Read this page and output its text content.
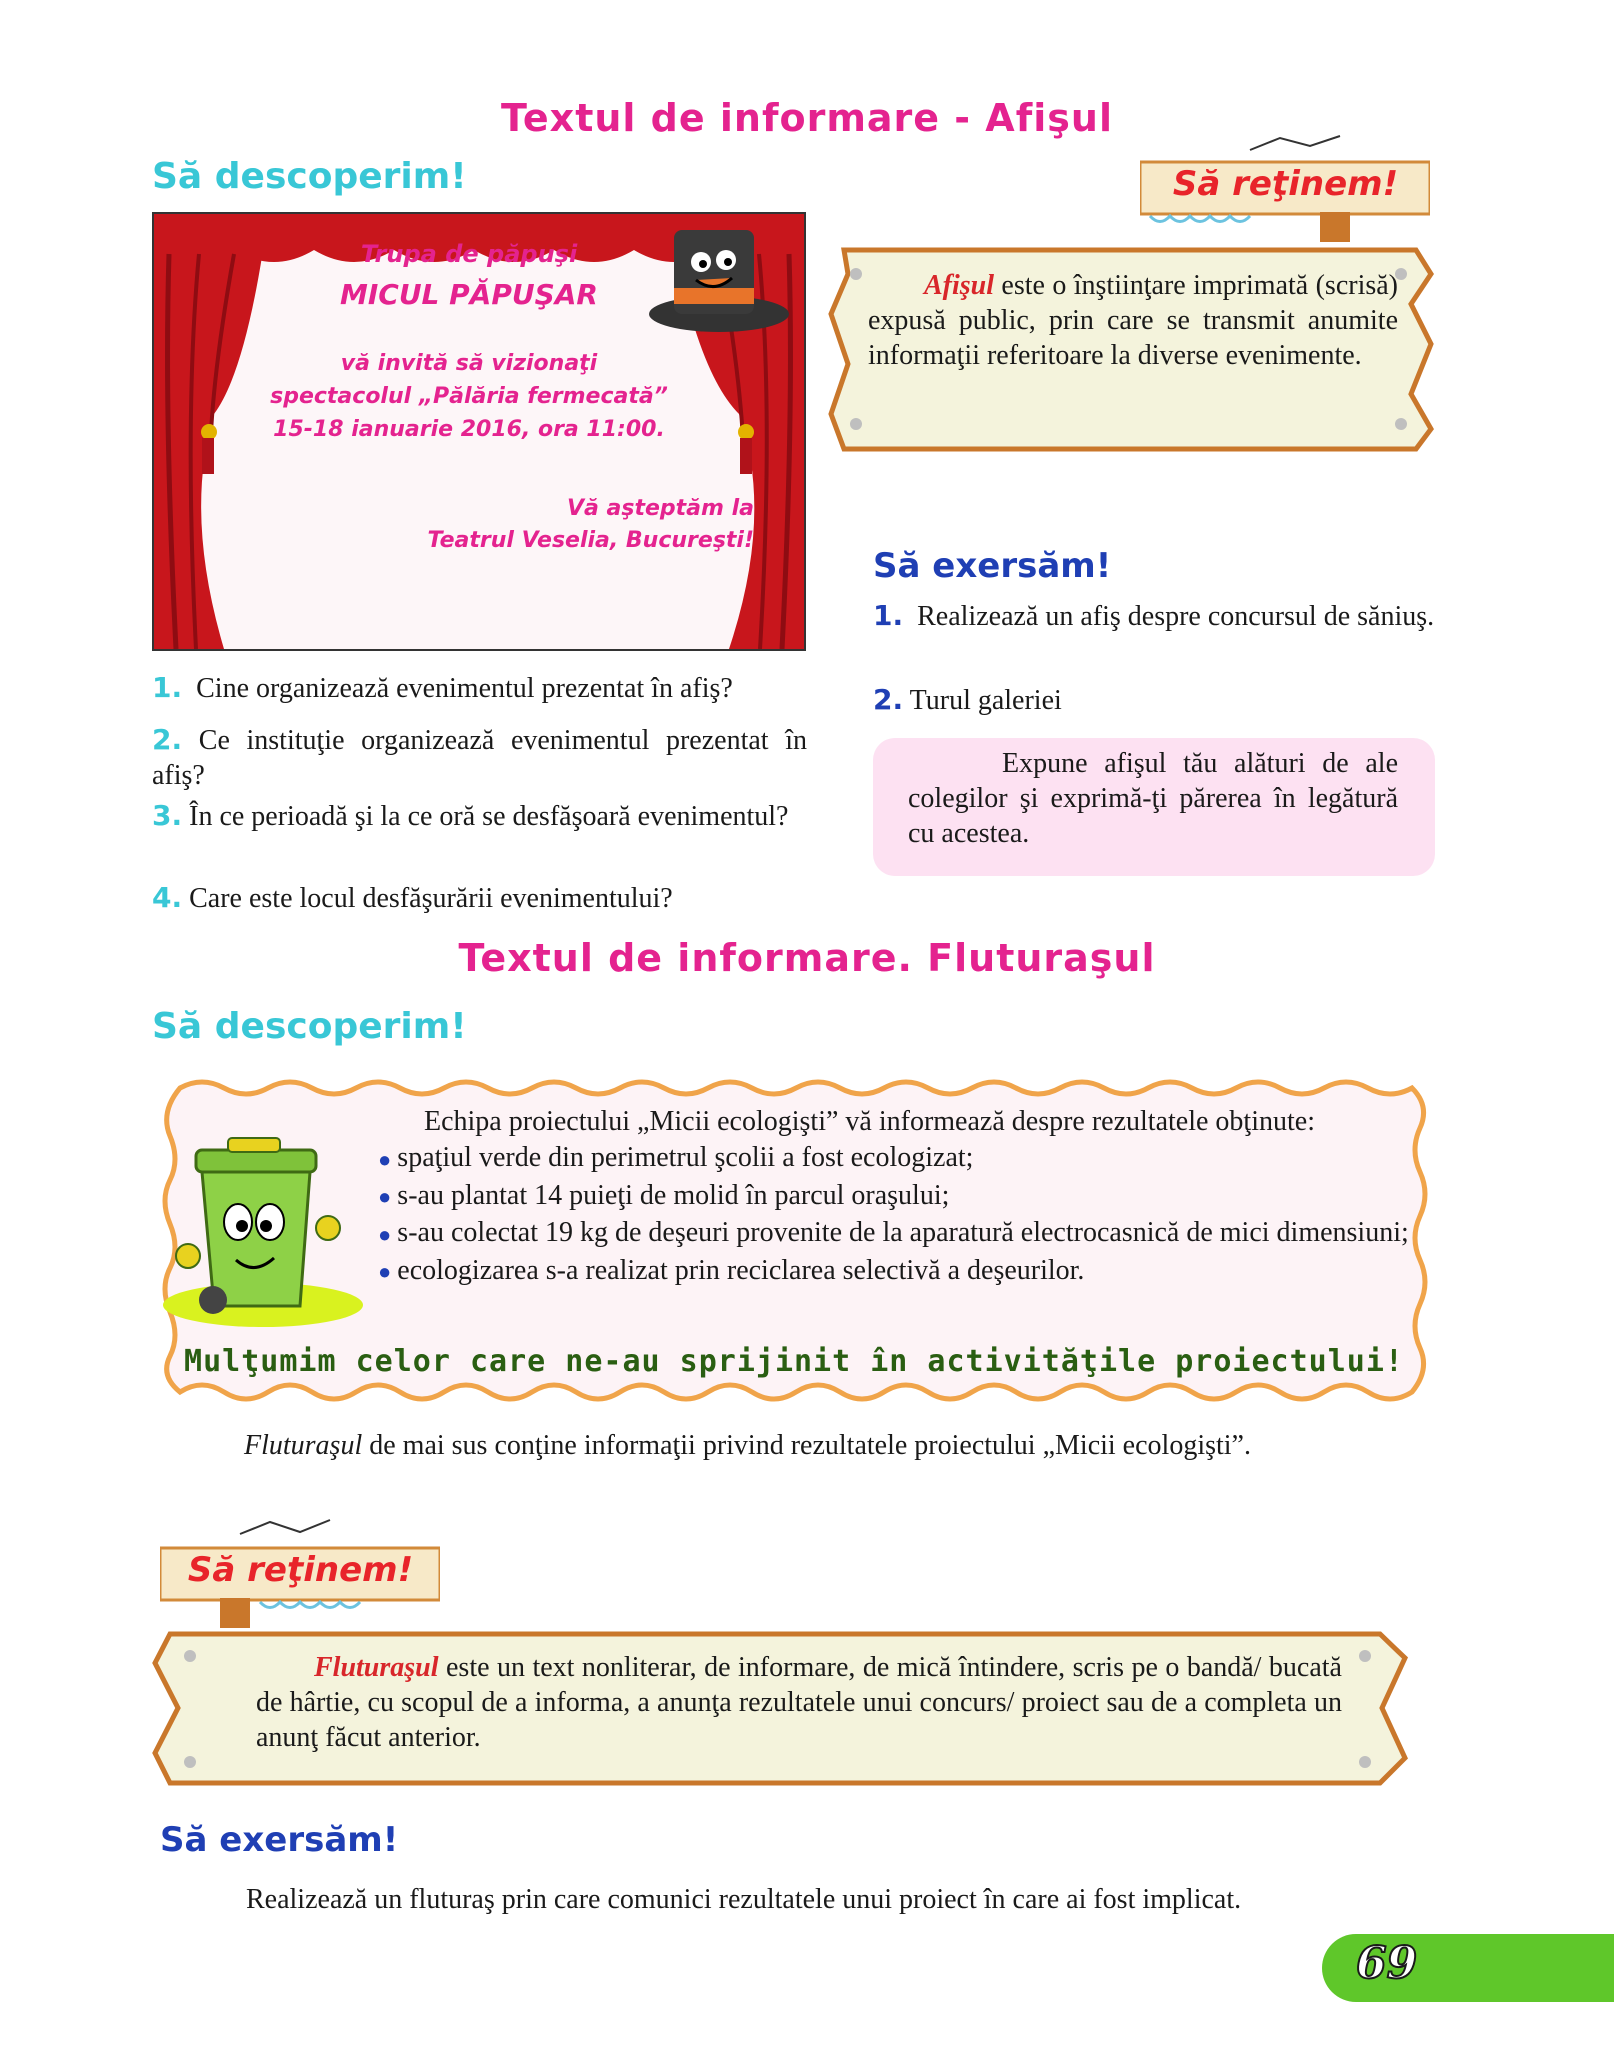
Textul de informare - Afişul
Să descoperim!
Trupa de păpuşi
MICUL PĂPUŞAR
vă invită să vizionaţi
spectacolul „Pălăria fermecată”
15-18 ianuarie 2016, ora 11:00.
Vă aşteptăm la
Teatrul Veselia, Bucureşti!
Să reţinem!
Afişul este o înştiinţare imprimată (scrisă) expusă public, prin care se transmit anumite informaţii referitoare la diverse evenimente.
1. Cine organizează evenimentul prezentat în afiş?
2. Ce instituţie organizează evenimentul prezentat în afiş?
3. În ce perioadă şi la ce oră se desfăşoară evenimentul?
4. Care este locul desfăşurării evenimentului?
Să exersăm!
1. Realizează un afiş despre concursul de săniuş.
2. Turul galeriei
Expune afişul tău alături de ale colegilor şi exprimă-ţi părerea în legătură cu acestea.
Textul de informare. Fluturaşul
Să descoperim!
Echipa proiectului „Micii ecologişti” vă informează despre rezultatele obţinute:
● spaţiul verde din perimetrul şcolii a fost ecologizat;
● s-au plantat 14 puieţi de molid în parcul oraşului;
● s-au colectat 19 kg de deşeuri provenite de la aparatură electrocasnică de mici dimensiuni;
● ecologizarea s-a realizat prin reciclarea selectivă a deşeurilor.
Mulţumim celor care ne-au sprijinit în activităţile proiectului!
Fluturaşul de mai sus conţine informaţii privind rezultatele proiectului „Micii ecologişti”.
Să reţinem!
Fluturaşul este un text nonliterar, de informare, de mică întindere, scris pe o bandă/ bucată de hârtie, cu scopul de a informa, a anunţa rezultatele unui concurs/ proiect sau de a completa un anunţ făcut anterior.
Să exersăm!
Realizează un fluturaş prin care comunici rezultatele unui proiect în care ai fost implicat.
69
